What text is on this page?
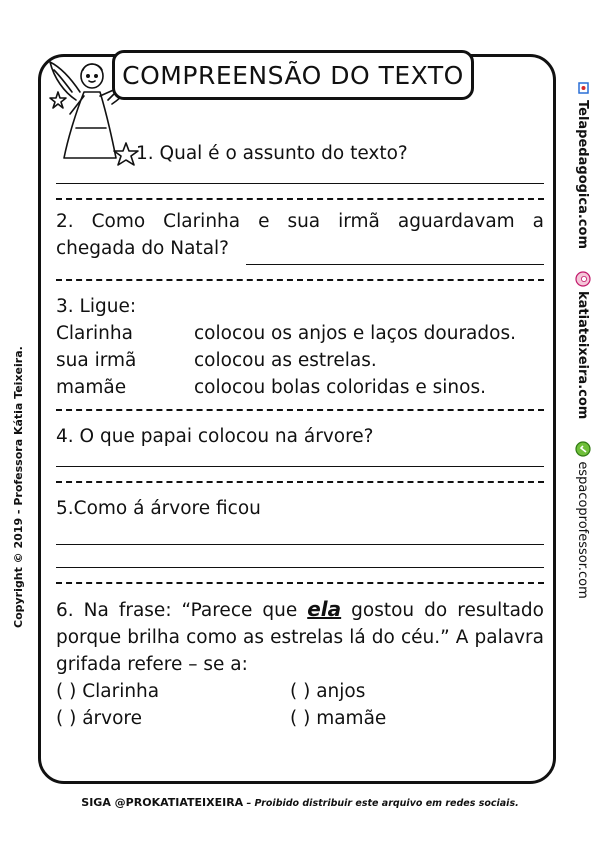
COMPREENSÃO DO TEXTO

1. Qual é o assunto do texto?

2. Como Clarinha e sua irmã aguardavam a chegada do Natal?

3. Ligue:

Clarinha	colocou os anjos e laços dourados.
sua irmã	colocou as estrelas.
mamãe	colocou bolas coloridas e sinos.

4. O que papai colocou na árvore?

5.Como á árvore ficou

6. Na frase: “Parece que ela gostou do resultado porque brilha como as estrelas lá do céu.” A palavra grifada refere – se a:

( ) Clarinha	( ) anjos
( ) árvore	( ) mamãe
Copyright © 2019 - Professora Kátia Teixeira.
Telapedagogica.com
katiateixeira.com
espacoprofessor.com
SIGA @PROKATIATEIXEIRA – Proibido distribuir este arquivo em redes sociais.
